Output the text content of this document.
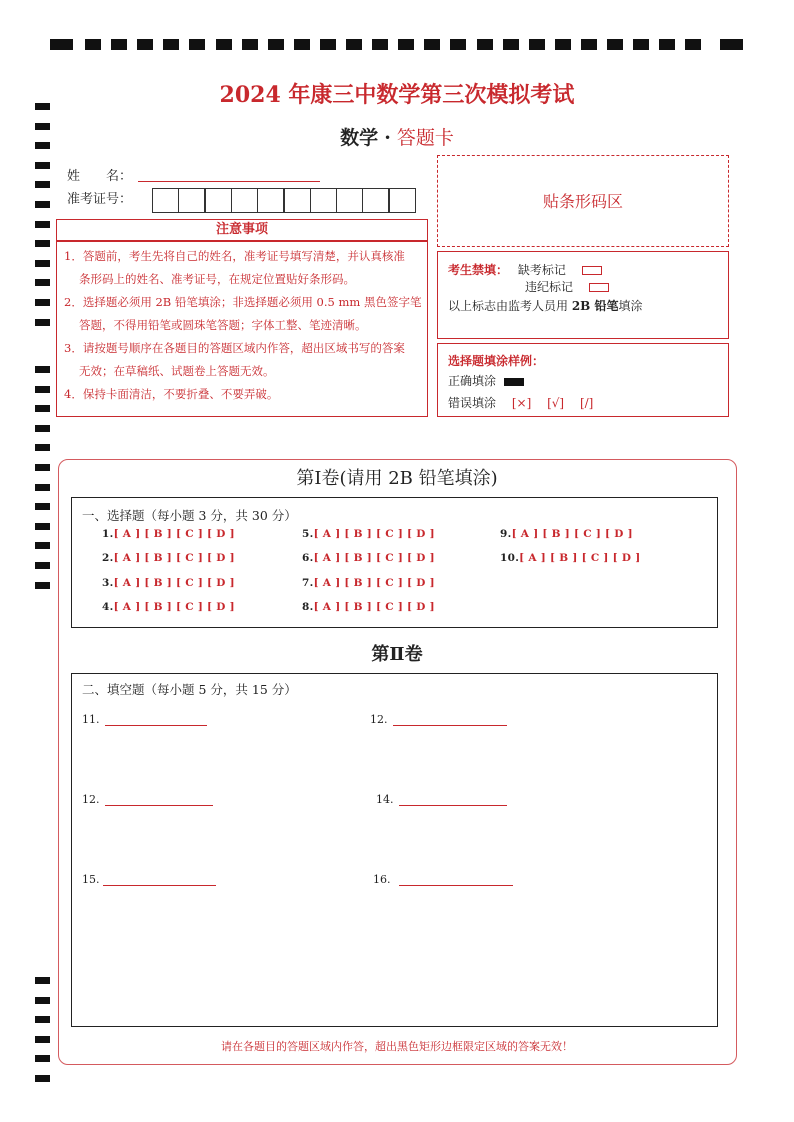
2024 年康三中数学第三次模拟考试
数学 · 答题卡
姓　　名：
准考证号：	贴条形码区
注意事项
1．答题前，考生先将自己的姓名，准考证号填写清楚，并认真核准
条形码上的姓名、准考证号，在规定位置贴好条形码。
2．选择题必须用 2B 铅笔填涂；非选择题必须用 0.5 mm 黑色签字笔
答题，不得用铅笔或圆珠笔答题；字体工整、笔迹清晰。
3．请按题号顺序在各题目的答题区域内作答，超出区域书写的答案
无效；在草稿纸、试题卷上答题无效。
4．保持卡面清洁，不要折叠、不要弄破。
考生禁填： 缺考标记
违纪标记
以上标志由监考人员用 2B 铅笔填涂
选择题填涂样例：
正确填涂
错误填涂 [×] [√] [/]
第Ⅰ卷(请用 2B 铅笔填涂)
一、选择题（每小题 3 分，共 30 分）
1.[ A ] [ B ] [ C ] [ D ]
2.[ A ] [ B ] [ C ] [ D ]
3.[ A ] [ B ] [ C ] [ D ]
4.[ A ] [ B ] [ C ] [ D ]
5.[ A ] [ B ] [ C ] [ D ]
6.[ A ] [ B ] [ C ] [ D ]
7.[ A ] [ B ] [ C ] [ D ]
8.[ A ] [ B ] [ C ] [ D ]
9.[ A ] [ B ] [ C ] [ D ]
10.[ A ] [ B ] [ C ] [ D ]
第Ⅱ卷
二、填空题（每小题 5 分，共 15 分）
11.	12.
12.	14.
15.	16.
请在各题目的答题区域内作答，超出黑色矩形边框限定区域的答案无效！
